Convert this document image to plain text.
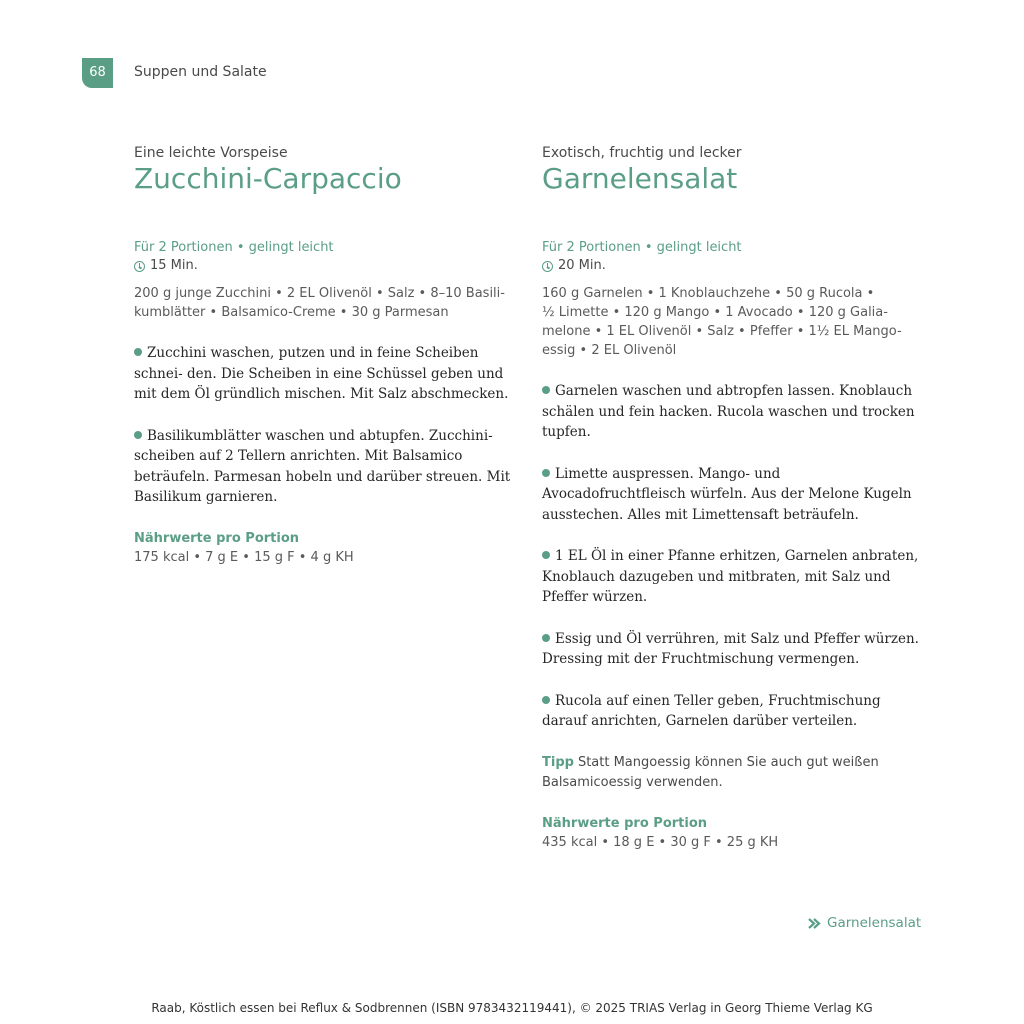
68	Suppen und Salate
Eine leichte Vorspeise
Zucchini-Carpaccio
Für 2 Portionen • gelingt leicht
15 Min.
200 g junge Zucchini • 2 EL Olivenöl • Salz • 8–10 Basili-
kumblätter • Balsamico-Creme • 30 g Parmesan
Zucchini waschen, putzen und in feine Scheiben schnei- den. Die Scheiben in eine Schüssel geben und mit dem Öl gründlich mischen. Mit Salz abschmecken.
Basilikumblätter waschen und abtupfen. Zucchini- scheiben auf 2 Tellern anrichten. Mit Balsamico beträufeln. Parmesan hobeln und darüber streuen. Mit Basilikum garnieren.
Nährwerte pro Portion
175 kcal • 7 g E • 15 g F • 4 g KH
Exotisch, fruchtig und lecker
Garnelensalat
Für 2 Portionen • gelingt leicht
20 Min.
160 g Garnelen • 1 Knoblauchzehe • 50 g Rucola •
½ Limette • 120 g Mango • 1 Avocado • 120 g Galia-
melone • 1 EL Olivenöl • Salz • Pfeffer • 1½ EL Mango-
essig • 2 EL Olivenöl
Garnelen waschen und abtropfen lassen. Knoblauch schälen und fein hacken. Rucola waschen und trocken tupfen.
Limette auspressen. Mango- und Avocadofruchtfleisch würfeln. Aus der Melone Kugeln ausstechen. Alles mit Limettensaft beträufeln.
1 EL Öl in einer Pfanne erhitzen, Garnelen anbraten, Knoblauch dazugeben und mitbraten, mit Salz und Pfeffer würzen.
Essig und Öl verrühren, mit Salz und Pfeffer würzen. Dressing mit der Fruchtmischung vermengen.
Rucola auf einen Teller geben, Fruchtmischung darauf anrichten, Garnelen darüber verteilen.
Tipp Statt Mangoessig können Sie auch gut weißen Balsamicoessig verwenden.
Nährwerte pro Portion
435 kcal • 18 g E • 30 g F • 25 g KH
Garnelensalat
Raab, Köstlich essen bei Reflux & Sodbrennen (ISBN 9783432119441), © 2025 TRIAS Verlag in Georg Thieme Verlag KG
